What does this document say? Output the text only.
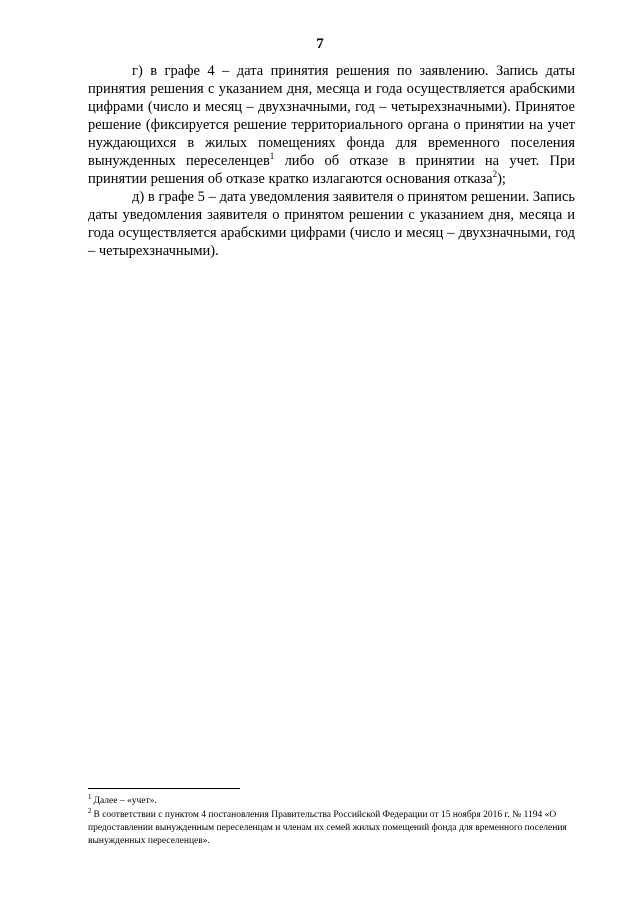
7

г) в графе 4 – дата принятия решения по заявлению. Запись даты принятия решения с указанием дня, месяца и года осуществляется арабскими цифрами (число и месяц – двухзначными, год – четырехзначными). Принятое решение (фиксируется решение территориального органа о принятии на учет нуждающихся в жилых помещениях фонда для временного поселения вынужденных переселенцев$^1$ либо об отказе в принятии на учет. При принятии решения об отказе кратко излагаются основания отказа$^2$);

д) в графе 5 – дата уведомления заявителя о принятом решении. Запись даты уведомления заявителя о принятом решении с указанием дня, месяца и года осуществляется арабскими цифрами (число и месяц – двухзначными, год – четырехзначными).

$^1$ Далее – «учет».

$^2$ В соответствии с пунктом 4 постановления Правительства Российской Федерации от 15 ноября 2016 г. № 1194 «О предоставлении вынужденным переселенцам и членам их семей жилых помещений фонда для временного поселения вынужденных переселенцев».
